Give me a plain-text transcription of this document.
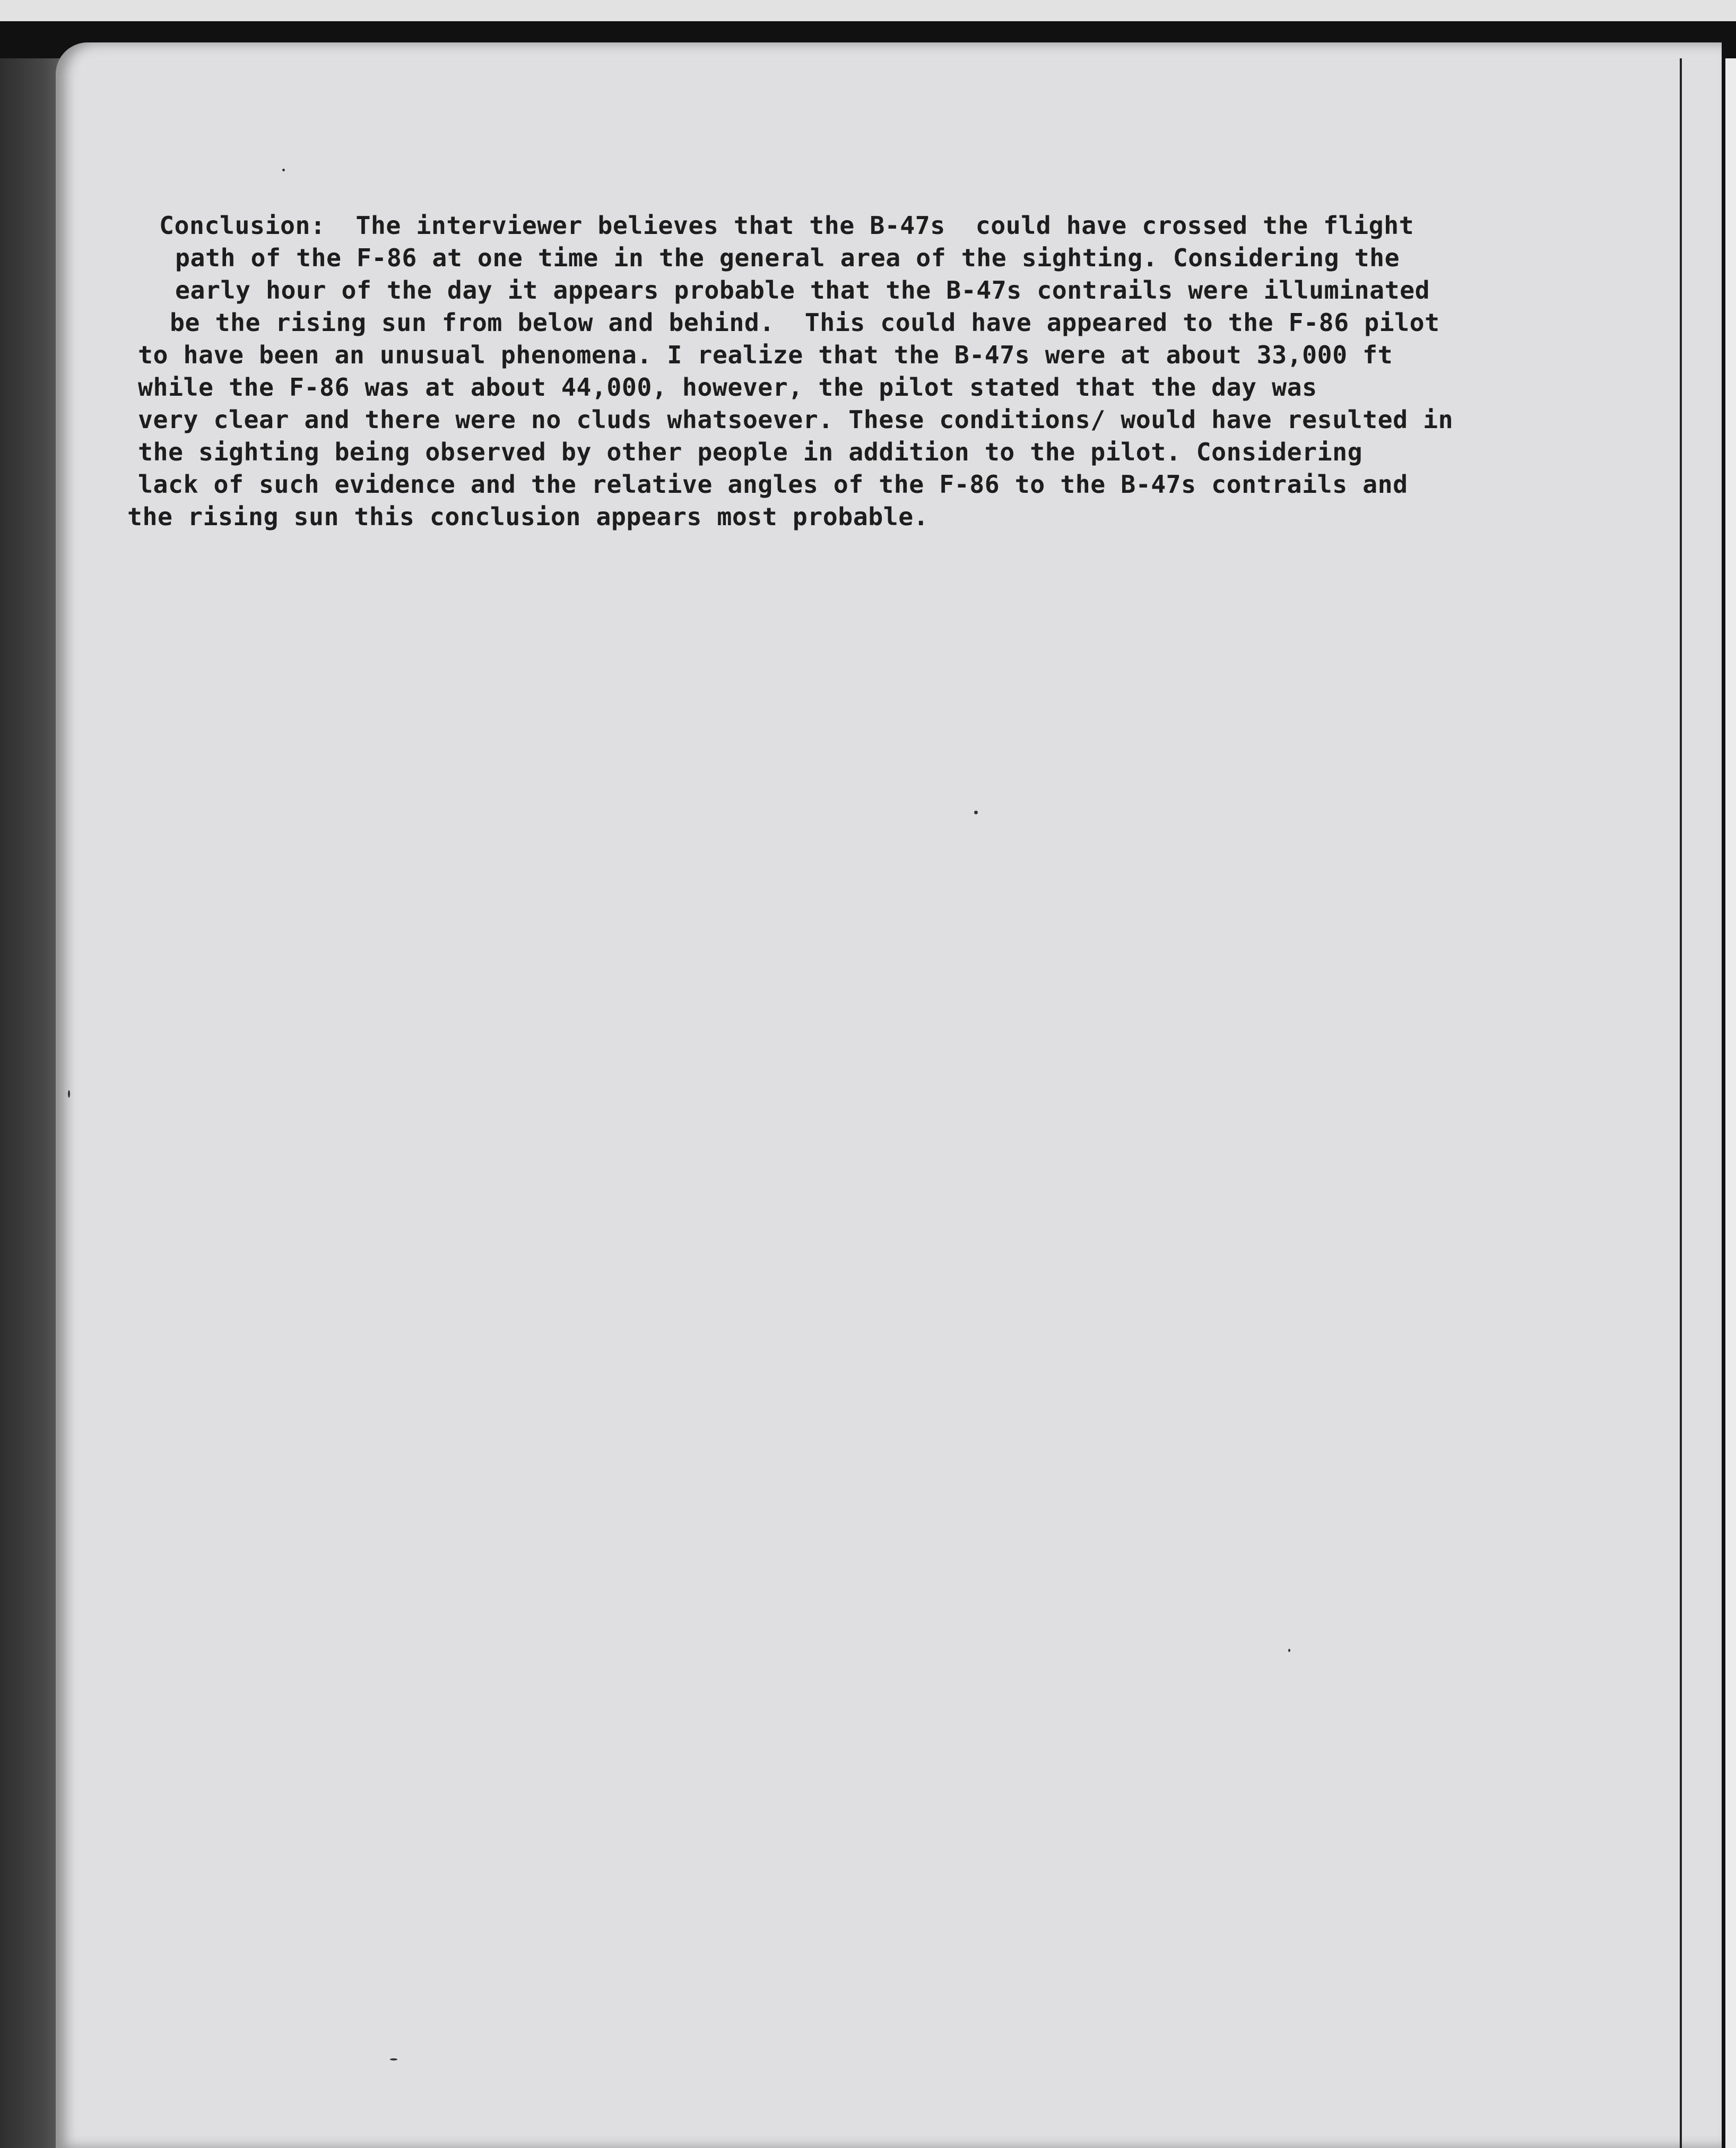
Conclusion:  The interviewer believes that the B-47s  could have crossed the flight
path of the F-86 at one time in the general area of the sighting. Considering the
early hour of the day it appears probable that the B-47s contrails were illuminated
be the rising sun from below and behind.  This could have appeared to the F-86 pilot
to have been an unusual phenomena. I realize that the B-47s were at about 33,000 ft
while the F-86 was at about 44,000, however, the pilot stated that the day was
very clear and there were no cluds whatsoever. These conditions/ would have resulted in
the sighting being observed by other people in addition to the pilot. Considering
lack of such evidence and the relative angles of the F-86 to the B-47s contrails and
the rising sun this conclusion appears most probable.
